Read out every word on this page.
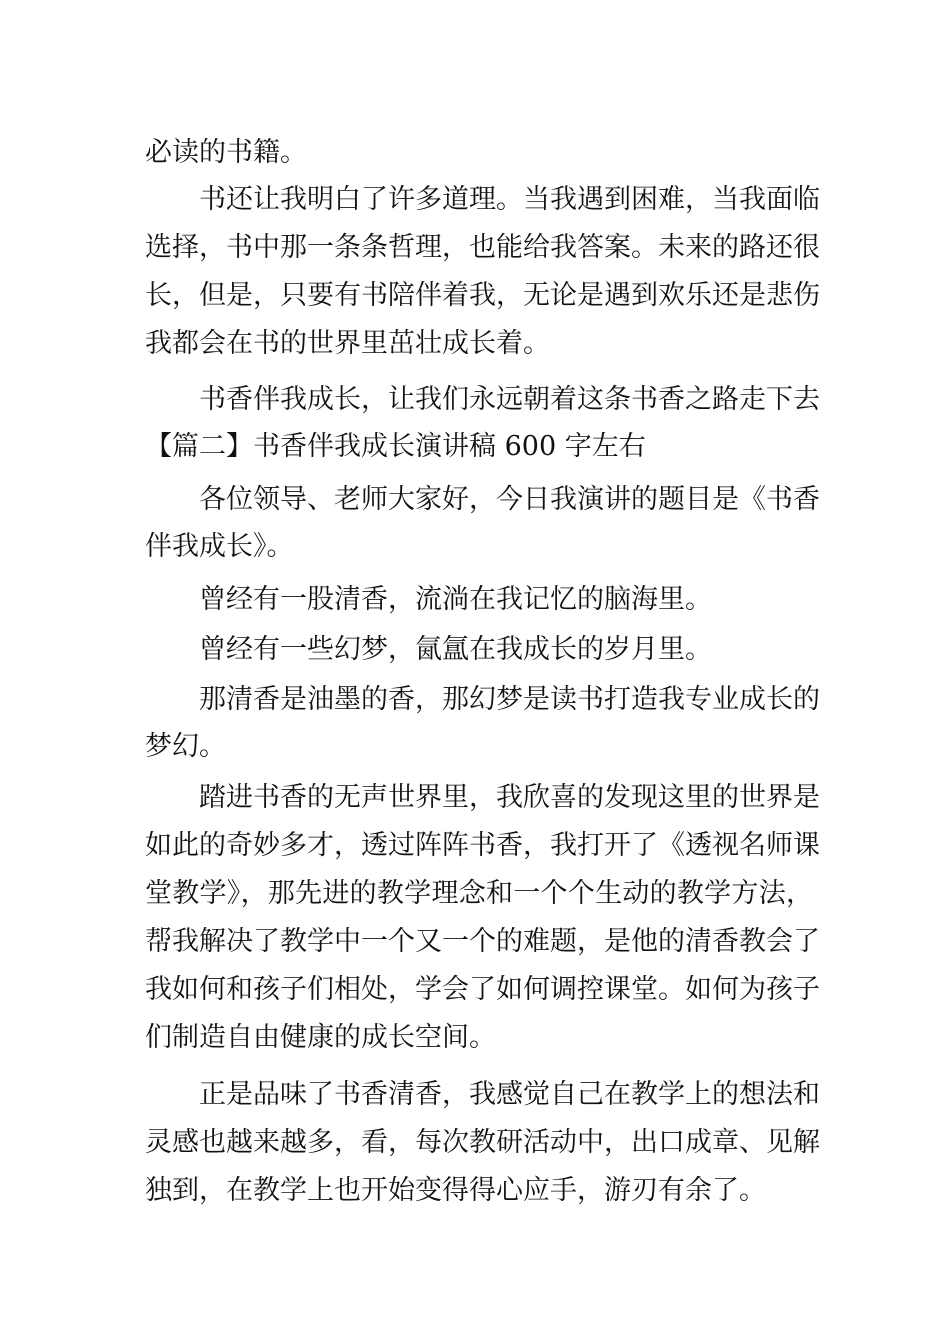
必读的书籍。
书还让我明白了许多道理。当我遇到困难，当我面临
选择，书中那一条条哲理，也能给我答案。未来的路还很
长，但是，只要有书陪伴着我，无论是遇到欢乐还是悲伤
我都会在书的世界里茁壮成长着。
书香伴我成长，让我们永远朝着这条书香之路走下去
【篇二】书香伴我成长演讲稿 600 字左右
各位领导、老师大家好，今日我演讲的题目是《书香
伴我成长》。
曾经有一股清香，流淌在我记忆的脑海里。
曾经有一些幻梦，氤氲在我成长的岁月里。
那清香是油墨的香，那幻梦是读书打造我专业成长的
梦幻。
踏进书香的无声世界里，我欣喜的发现这里的世界是
如此的奇妙多才，透过阵阵书香，我打开了《透视名师课
堂教学》，那先进的教学理念和一个个生动的教学方法，
帮我解决了教学中一个又一个的难题，是他的清香教会了
我如何和孩子们相处，学会了如何调控课堂。如何为孩子
们制造自由健康的成长空间。
正是品味了书香清香，我感觉自己在教学上的想法和
灵感也越来越多，看，每次教研活动中，出口成章、见解
独到，在教学上也开始变得得心应手，游刃有余了。
